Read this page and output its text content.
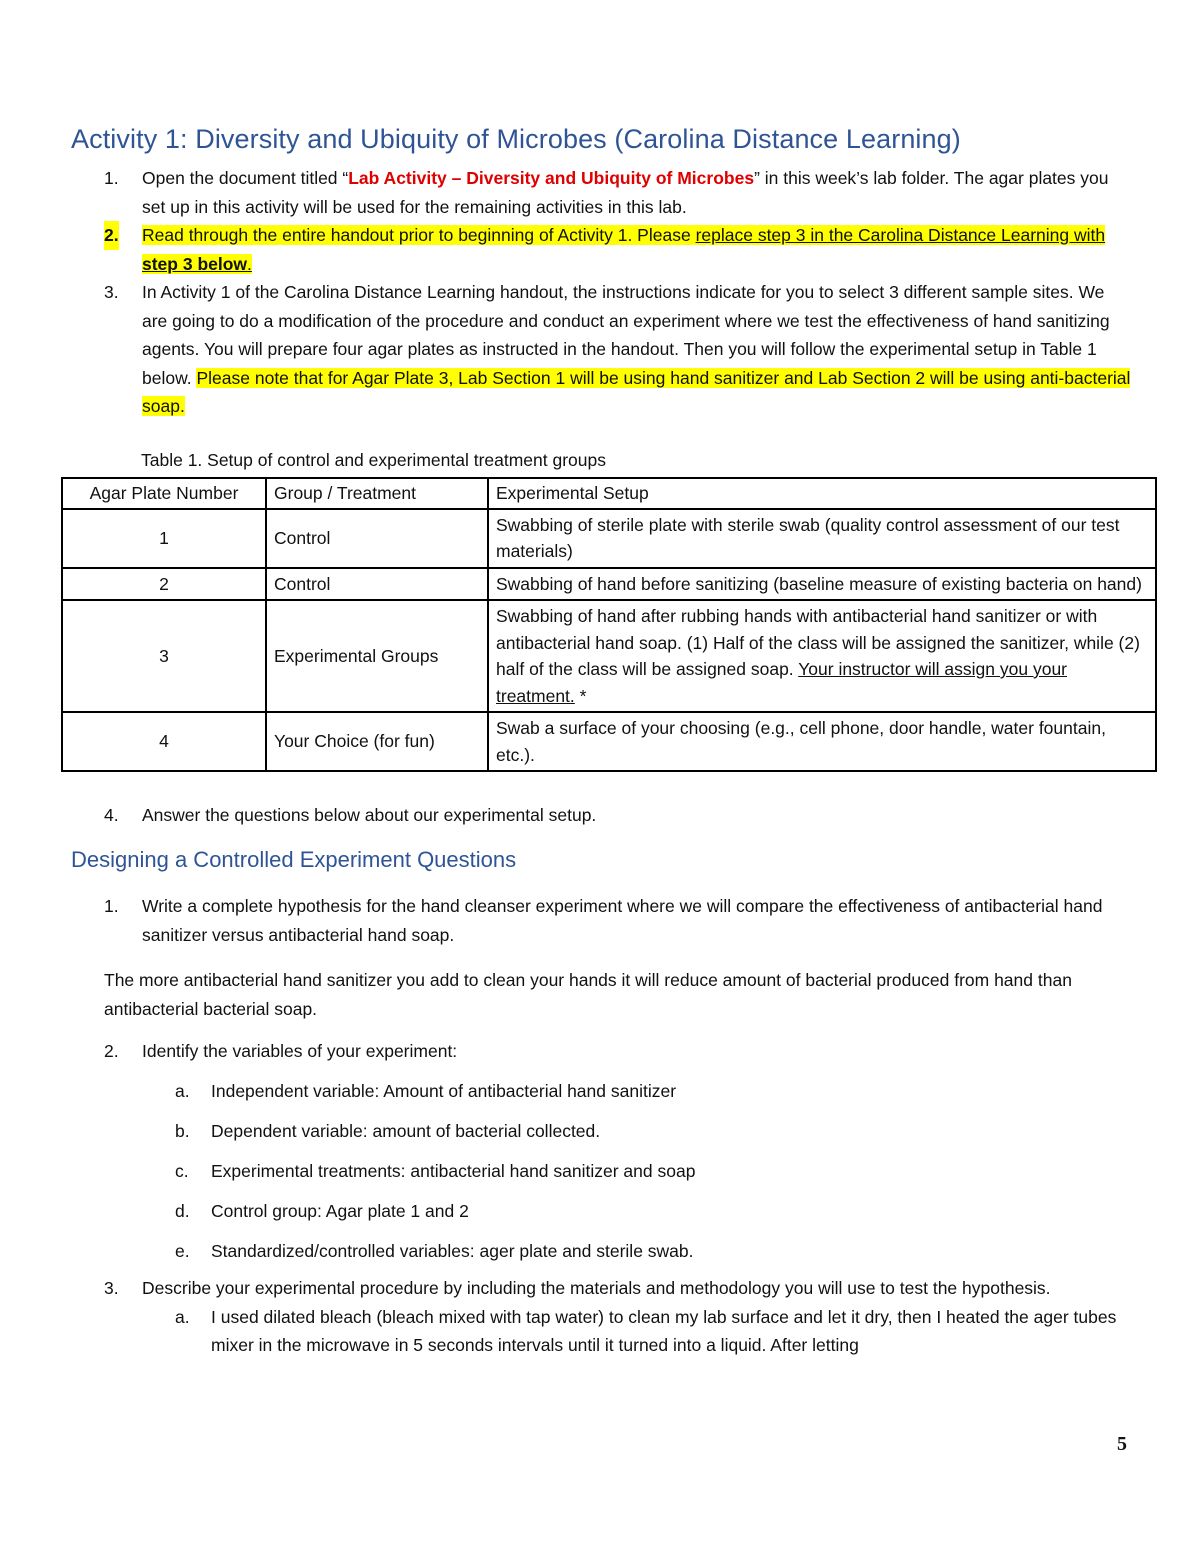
Activity 1: Diversity and Ubiquity of Microbes (Carolina Distance Learning)
1. Open the document titled “Lab Activity – Diversity and Ubiquity of Microbes” in this week’s lab folder. The agar plates you set up in this activity will be used for the remaining activities in this lab.
2. Read through the entire handout prior to beginning of Activity 1. Please replace step 3 in the Carolina Distance Learning with step 3 below.
3. In Activity 1 of the Carolina Distance Learning handout, the instructions indicate for you to select 3 different sample sites. We are going to do a modification of the procedure and conduct an experiment where we test the effectiveness of hand sanitizing agents. You will prepare four agar plates as instructed in the handout. Then you will follow the experimental setup in Table 1 below. Please note that for Agar Plate 3, Lab Section 1 will be using hand sanitizer and Lab Section 2 will be using anti-bacterial soap.
Table 1. Setup of control and experimental treatment groups
Agar Plate Number	Group / Treatment	Experimental Setup
1	Control	Swabbing of sterile plate with sterile swab (quality control assessment of our test materials)
2	Control	Swabbing of hand before sanitizing (baseline measure of existing bacteria on hand)
3	Experimental Groups	Swabbing of hand after rubbing hands with antibacterial hand sanitizer or with antibacterial hand soap. (1) Half of the class will be assigned the sanitizer, while (2) half of the class will be assigned soap. Your instructor will assign you your treatment. *
4	Your Choice (for fun)	Swab a surface of your choosing (e.g., cell phone, door handle, water fountain, etc.).
4. Answer the questions below about our experimental setup.
Designing a Controlled Experiment Questions
1. Write a complete hypothesis for the hand cleanser experiment where we will compare the effectiveness of antibacterial hand sanitizer versus antibacterial hand soap.
The more antibacterial hand sanitizer you add to clean your hands it will reduce amount of bacterial produced from hand than antibacterial bacterial soap.
2. Identify the variables of your experiment:
a. Independent variable: Amount of antibacterial hand sanitizer
b. Dependent variable: amount of bacterial collected.
c. Experimental treatments: antibacterial hand sanitizer and soap
d. Control group: Agar plate 1 and 2
e. Standardized/controlled variables: ager plate and sterile swab.
3. Describe your experimental procedure by including the materials and methodology you will use to test the hypothesis.
a. I used dilated bleach (bleach mixed with tap water) to clean my lab surface and let it dry, then I heated the ager tubes mixer in the microwave in 5 seconds intervals until it turned into a liquid. After letting
5
